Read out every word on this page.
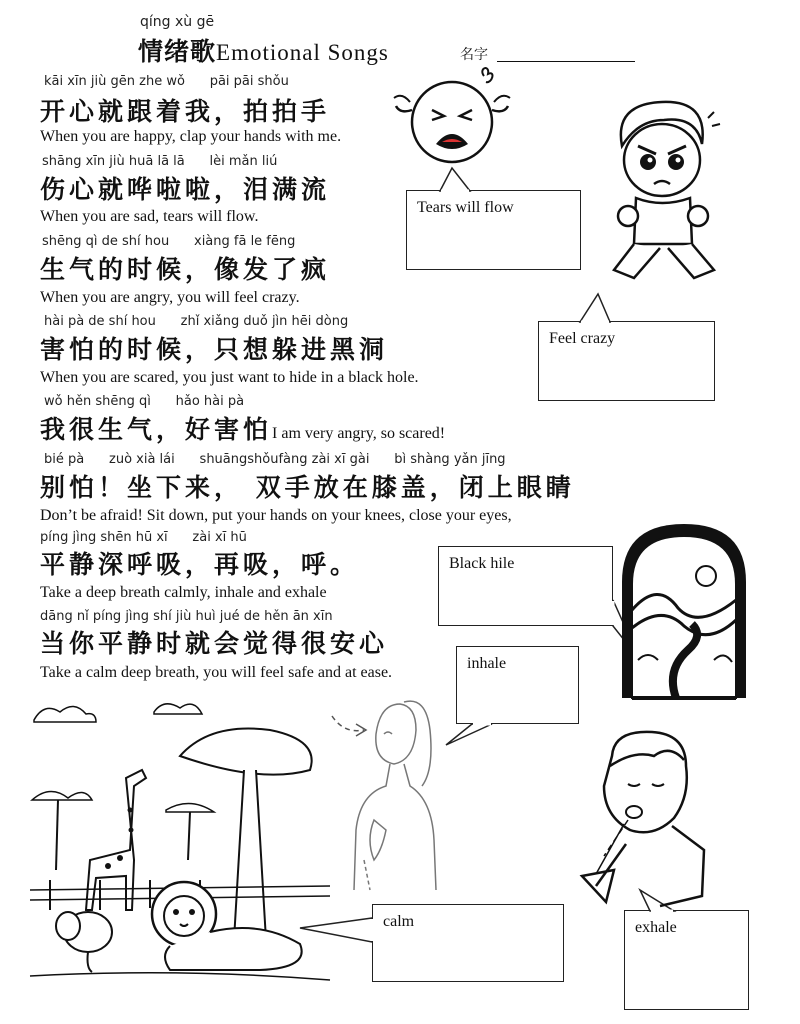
qíng xù gē
情绪歌Emotional Songs	名字
kāi xīn jiù gēn zhe wǒ      pāi pāi shǒu
开心就跟着我，拍拍手
When you are happy, clap your hands with me.
shāng xīn jiù huā lā lā      lèi mǎn liú
伤心就哗啦啦，泪满流
When you are sad, tears will flow.
shēng qì de shí hou      xiàng fā le fēng
生气的时候，像发了疯
When you are angry, you will feel crazy.
hài pà de shí hou      zhǐ xiǎng duǒ jìn hēi dòng
害怕的时候，只想躲进黑洞
When you are scared, you just want to hide in a black hole.
wǒ hěn shēng qì      hǎo hài pà
我很生气，好害怕I am very angry, so scared!
bié pà      zuò xià lái      shuāngshǒufàng zài xī gài      bì shàng yǎn jīng
别怕！坐下来， 双手放在膝盖，闭上眼睛
Don’t be afraid! Sit down, put your hands on your knees, close your eyes,
píng jìng shēn hū xī      zài xī hū
平静深呼吸，再吸，呼。
Take a deep breath calmly, inhale and exhale
dāng nǐ píng jìng shí jiù huì jué de hěn ān xīn
当你平静时就会觉得很安心
Take a calm deep breath, you will feel safe and at ease.
Tears will flow
Feel crazy
Black hile
inhale
calm	exhale
